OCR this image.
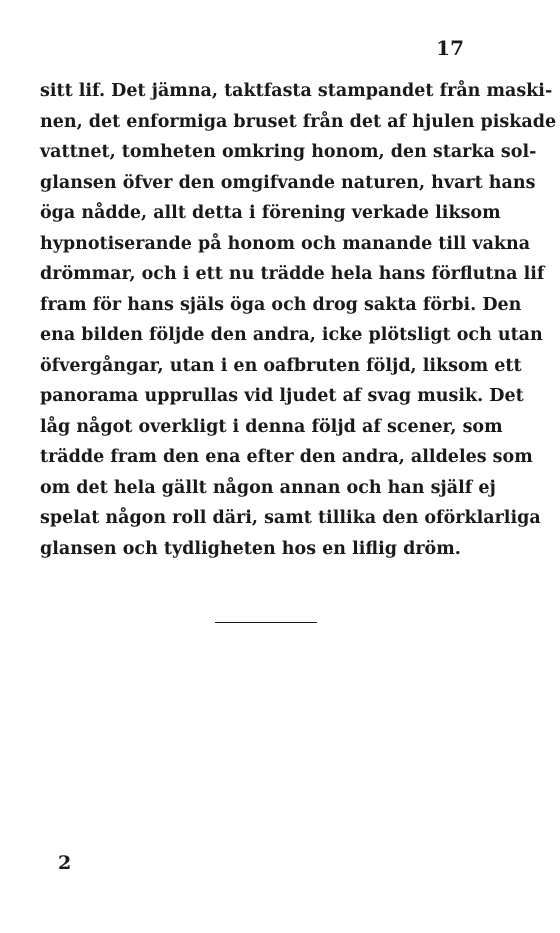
17
sitt lif. Det jämna, taktfasta stampandet från maski-
nen, det enformiga bruset från det af hjulen piskade
vattnet, tomheten omkring honom, den starka sol-
glansen öfver den omgifvande naturen, hvart hans
öga nådde, allt detta i förening verkade liksom
hypnotiserande på honom och manande till vakna
drömmar, och i ett nu trädde hela hans förflutna lif
fram för hans själs öga och drog sakta förbi. Den
ena bilden följde den andra, icke plötsligt och utan
öfvergångar, utan i en oafbruten följd, liksom ett
panorama upprullas vid ljudet af svag musik. Det
låg något overkligt i denna följd af scener, som
trädde fram den ena efter den andra, alldeles som
om det hela gällt någon annan och han själf ej
spelat någon roll däri, samt tillika den oförklarliga
glansen och tydligheten hos en liflig dröm.
2
